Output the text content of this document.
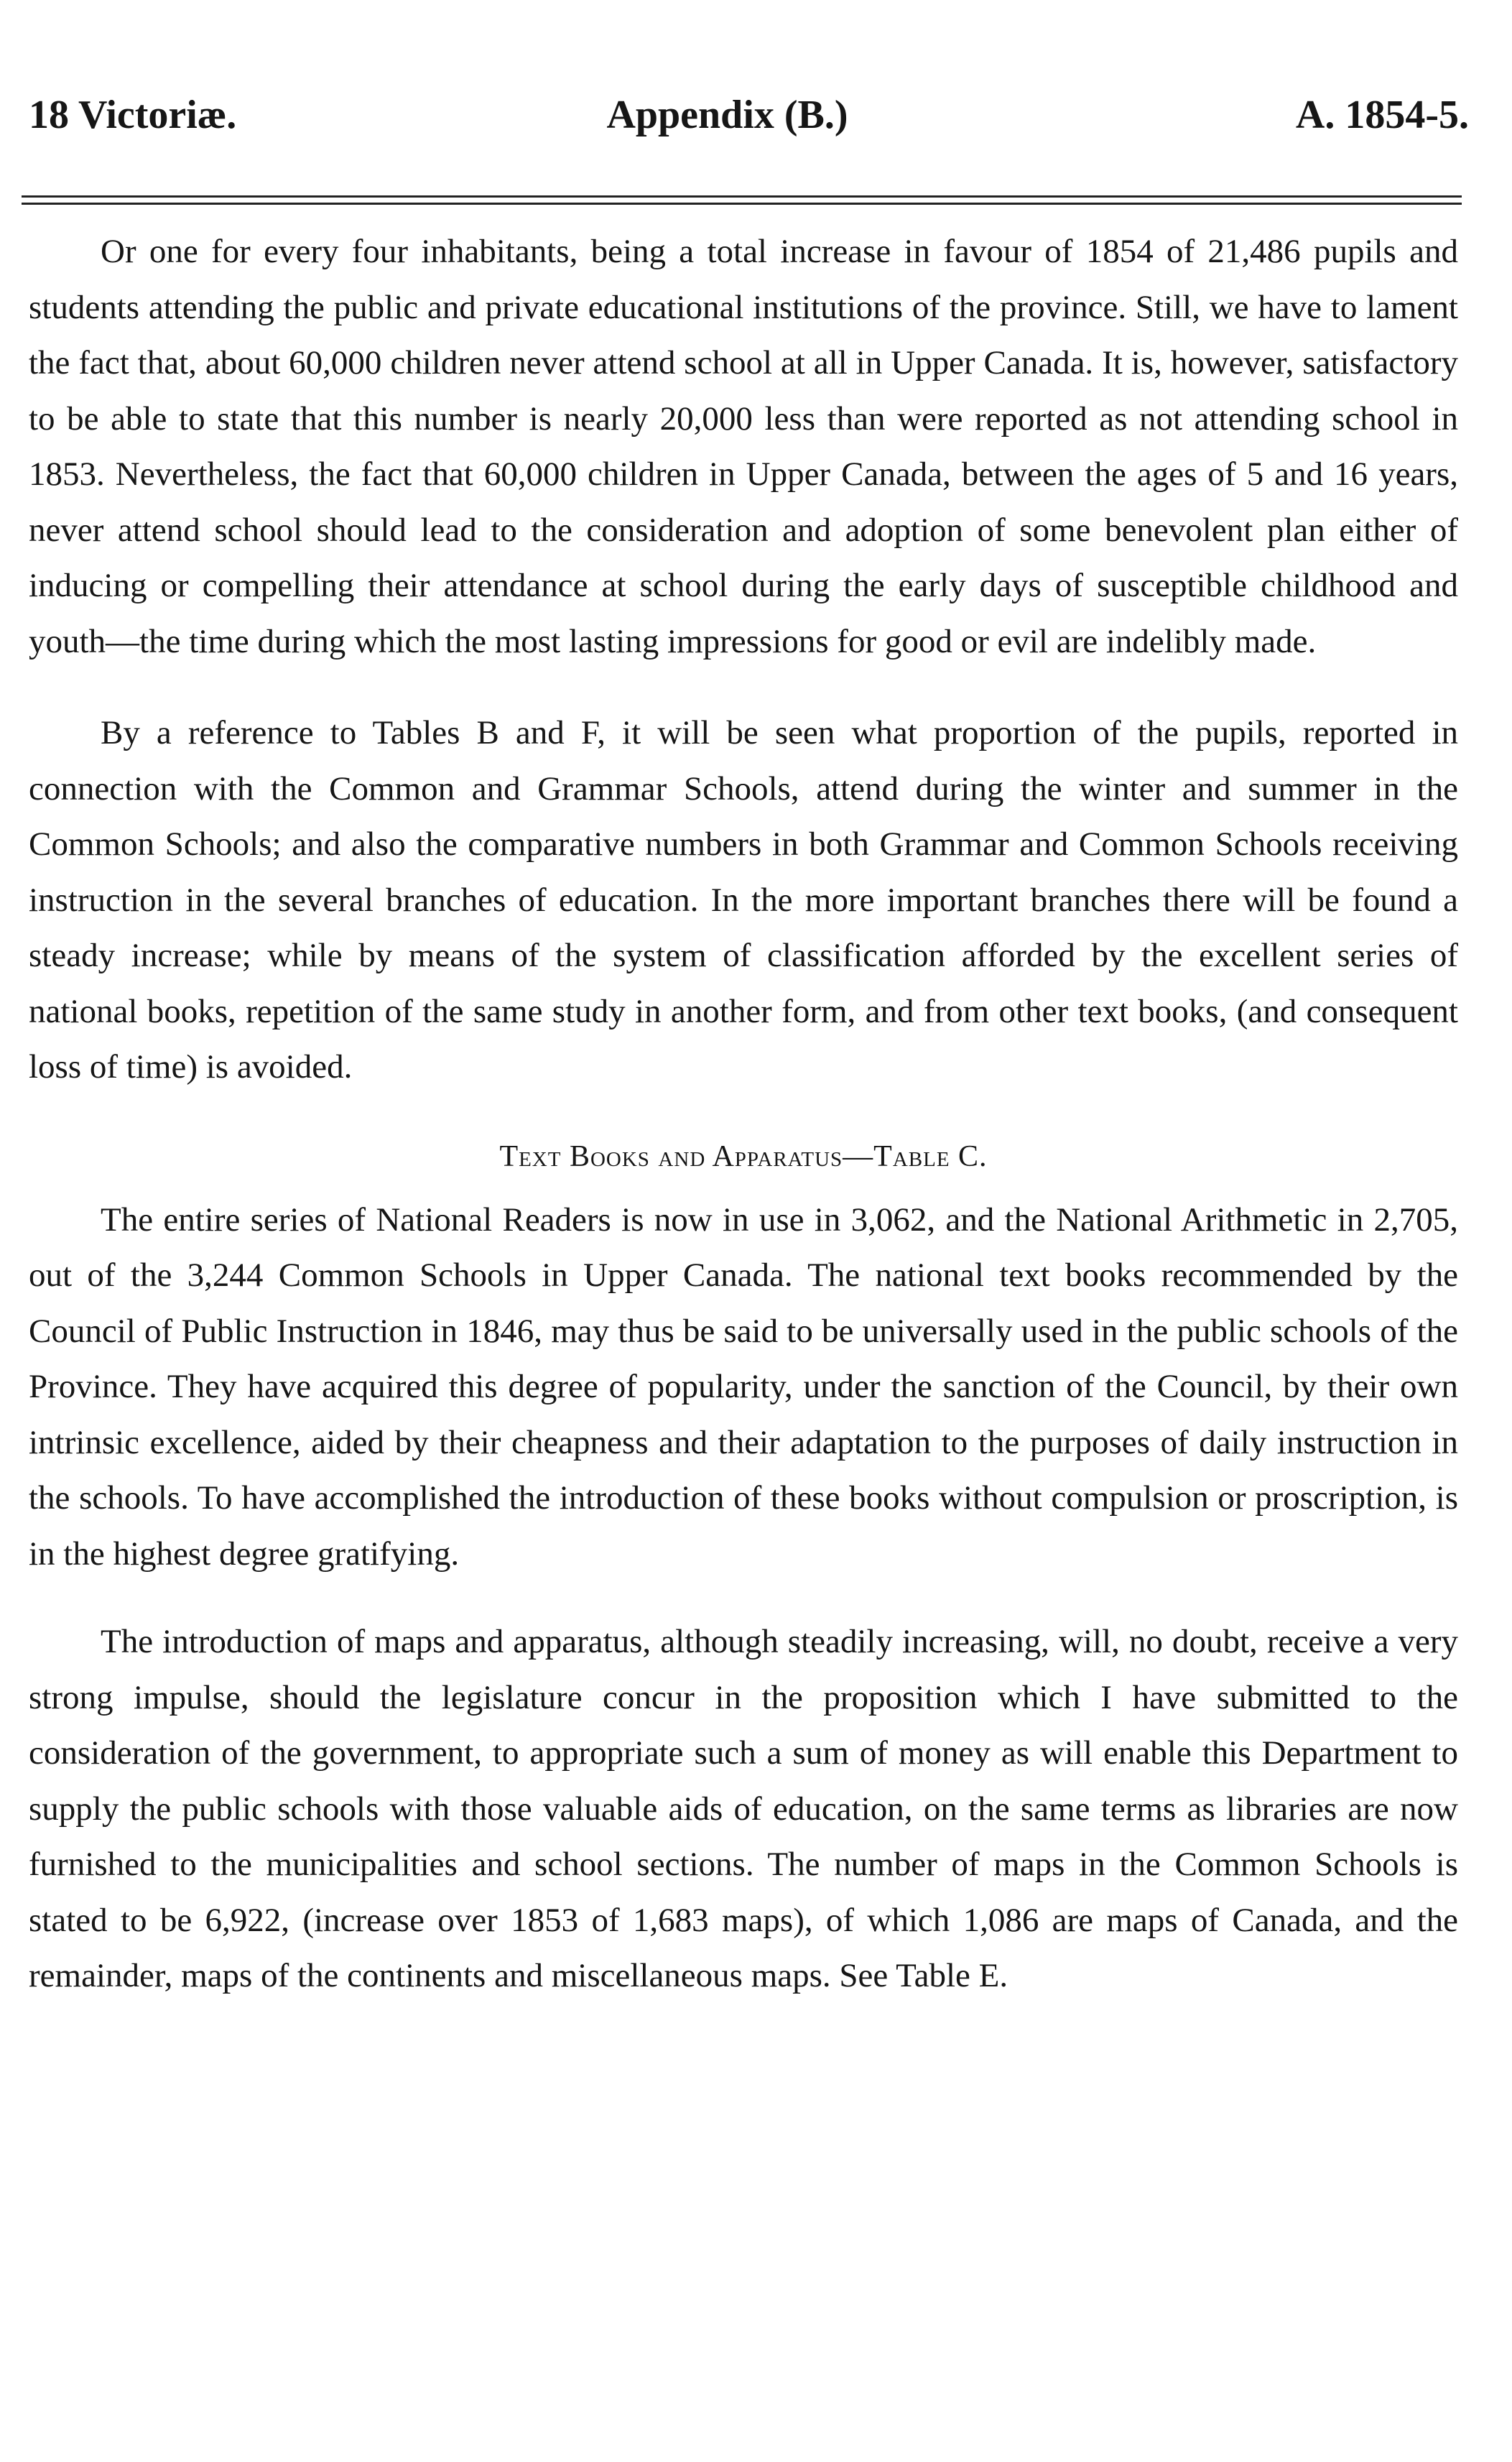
18 Victoriæ.	Appendix (B.)	A. 1854-5.

Or one for every four inhabitants, being a total increase in favour of 1854 of 21,486 pupils and students attending the public and private educational institutions of the province. Still, we have to lament the fact that, about 60,000 children never attend school at all in Upper Canada. It is, however, satisfactory to be able to state that this number is nearly 20,000 less than were reported as not attending school in 1853. Nevertheless, the fact that 60,000 children in Upper Canada, between the ages of 5 and 16 years, never attend school should lead to the consideration and adoption of some benevolent plan either of inducing or compelling their attendance at school during the early days of susceptible childhood and youth—the time during which the most lasting impressions for good or evil are indelibly made.

By a reference to Tables B and F, it will be seen what proportion of the pupils, reported in connection with the Common and Grammar Schools, attend during the winter and summer in the Common Schools; and also the comparative numbers in both Grammar and Common Schools receiving instruction in the several branches of education. In the more important branches there will be found a steady increase; while by means of the system of classification afforded by the excellent series of national books, repetition of the same study in another form, and from other text books, (and consequent loss of time) is avoided.

Text Books and Apparatus—Table C.

The entire series of National Readers is now in use in 3,062, and the National Arithmetic in 2,705, out of the 3,244 Common Schools in Upper Canada. The national text books recommended by the Council of Public Instruction in 1846, may thus be said to be universally used in the public schools of the Province. They have acquired this degree of popularity, under the sanction of the Council, by their own intrinsic excellence, aided by their cheapness and their adaptation to the purposes of daily instruction in the schools. To have accomplished the introduction of these books without compulsion or proscription, is in the highest degree gratifying.

The introduction of maps and apparatus, although steadily increasing, will, no doubt, receive a very strong impulse, should the legislature concur in the proposition which I have submitted to the consideration of the government, to appropriate such a sum of money as will enable this Department to supply the public schools with those valuable aids of education, on the same terms as libraries are now furnished to the municipalities and school sections. The number of maps in the Common Schools is stated to be 6,922, (increase over 1853 of 1,683 maps), of which 1,086 are maps of Canada, and the remainder, maps of the continents and miscellaneous maps. See Table E.
